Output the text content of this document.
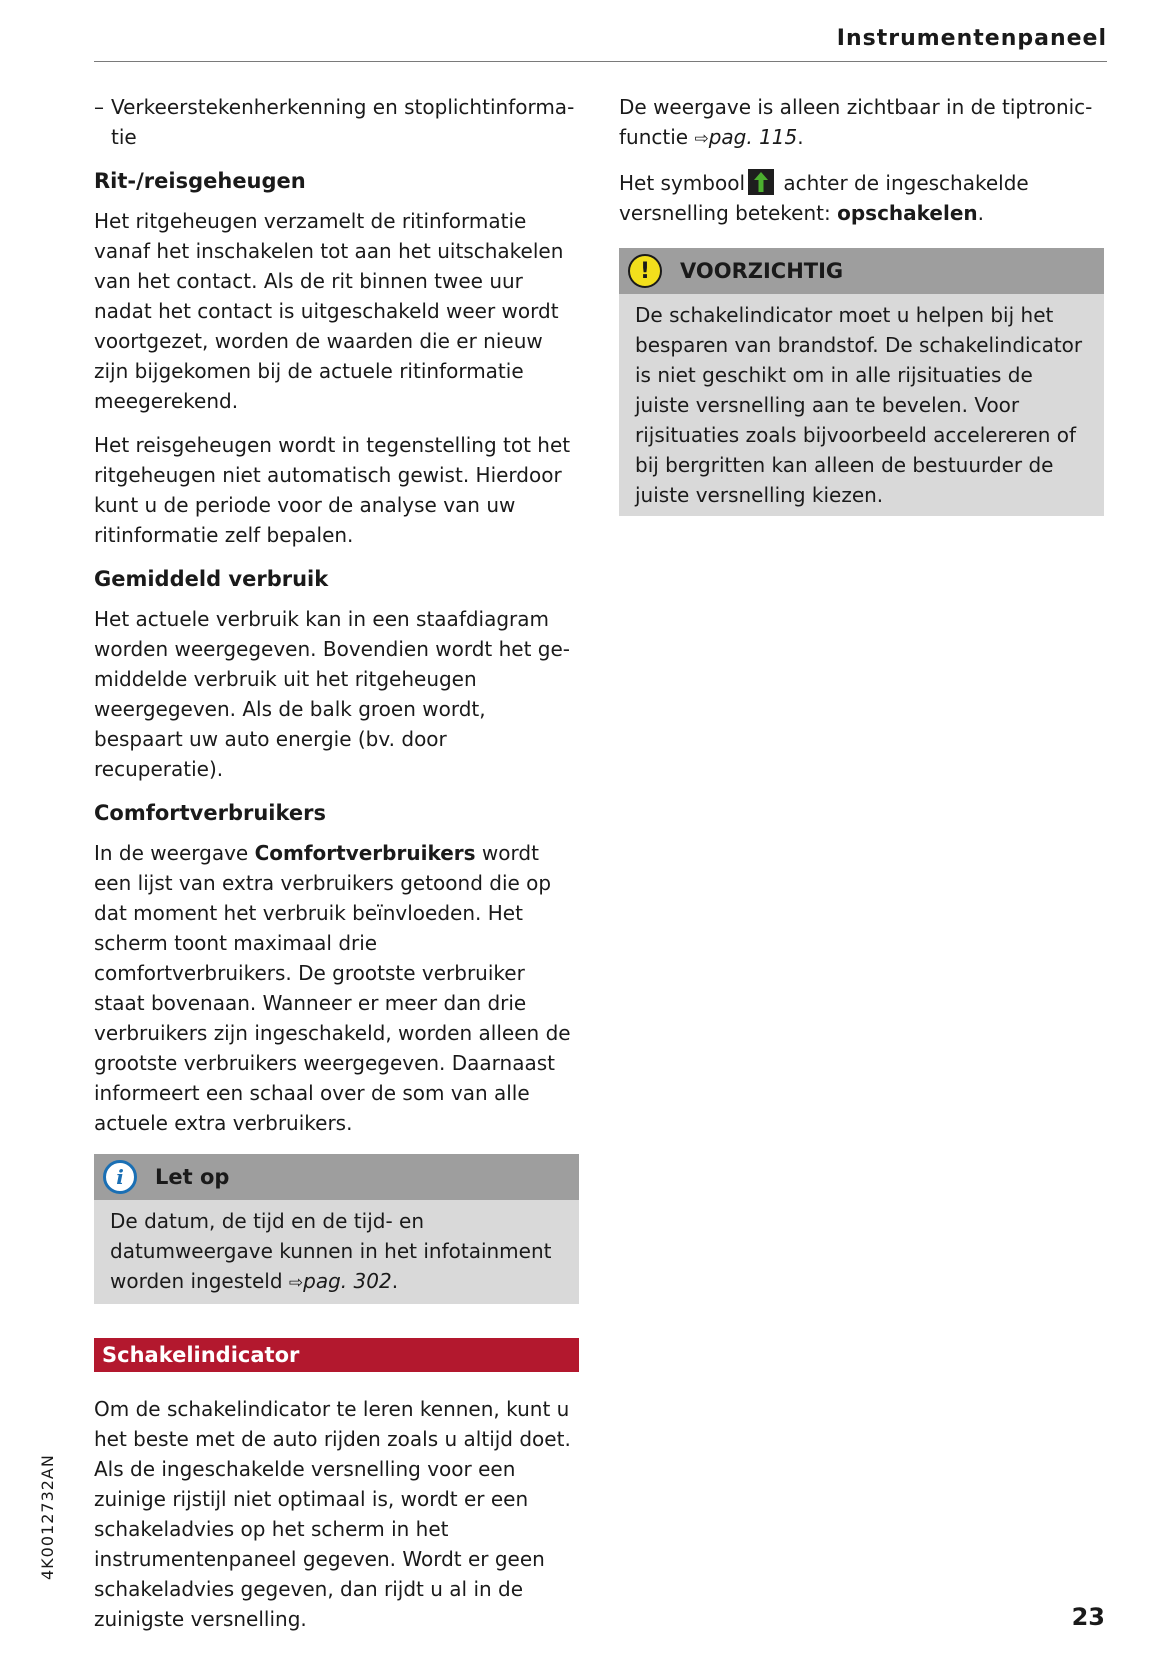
Instrumentenpaneel
– Verkeerstekenherkenning en stoplichtinformatie
Rit-/reisgeheugen

Het ritgeheugen verzamelt de ritinformatie vanaf het inschakelen tot aan het uitschakelen van het contact. Als de rit binnen twee uur nadat het contact is uitgeschakeld weer wordt voortgezet, worden de waarden die er nieuw zijn bijgekomen bij de actuele ritinformatie meegerekend.

Het reisgeheugen wordt in tegenstelling tot het ritgeheugen niet automatisch gewist. Hierdoor kunt u de periode voor de analyse van uw ritinformatie zelf bepalen.

Gemiddeld verbruik

Het actuele verbruik kan in een staafdiagram worden weergegeven. Bovendien wordt het gemiddelde verbruik uit het ritgeheugen weergegeven. Als de balk groen wordt, bespaart uw auto energie (bv. door recuperatie).

Comfortverbruikers

In de weergave Comfortverbruikers wordt een lijst van extra verbruikers getoond die op dat moment het verbruik beïnvloeden. Het scherm toont maximaal drie comfortverbruikers. De grootste verbruiker staat bovenaan. Wanneer er meer dan drie verbruikers zijn ingeschakeld, worden alleen de grootste verbruikers weergegeven. Daarnaast informeert een schaal over de som van alle actuele extra verbruikers.

i	Let op

De datum, de tijd en de tijd- en datumweergave kunnen in het infotainment worden ingesteld ⇨pag. 302.

Schakelindicator

Om de schakelindicator te leren kennen, kunt u het beste met de auto rijden zoals u altijd doet. Als de ingeschakelde versnelling voor een zuinige rijstijl niet optimaal is, wordt er een schakeladvies op het scherm in het instrumentenpaneel gegeven. Wordt er geen schakeladvies gegeven, dan rijdt u al in de zuinigste versnelling.

De weergave is alleen zichtbaar in de tiptronic-functie ⇨pag. 115.

Het symbool
achter de ingeschakelde versnelling betekent: opschakelen.

!	VOORZICHTIG

De schakelindicator moet u helpen bij het besparen van brandstof. De schakelindicator is niet geschikt om in alle rijsituaties de juiste versnelling aan te bevelen. Voor rijsituaties zoals bijvoorbeeld accelereren of bij bergritten kan alleen de bestuurder de juiste versnelling kiezen.

4K0012732AN
23
